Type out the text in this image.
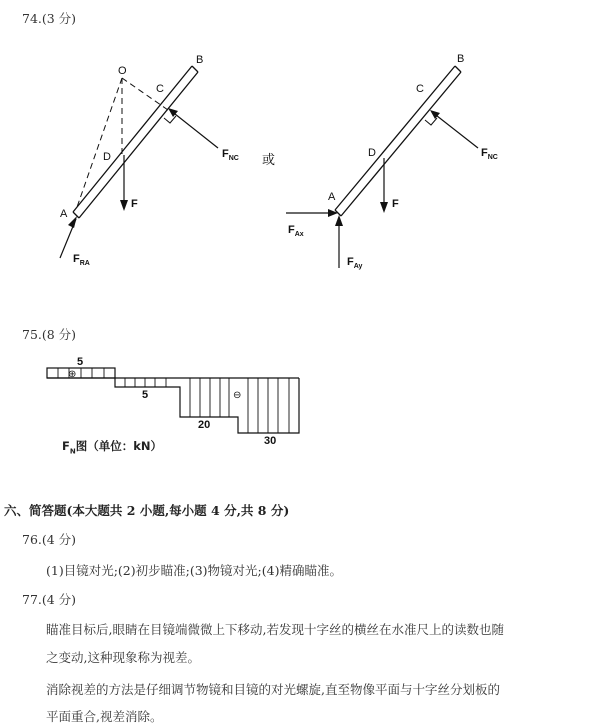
74.(3 分)
O
B
C
D
A
F
$F_{NC}$
$F_{RA}$
或
B
C
D
A
F
$F_{NC}$
$F_{Ax}$
$F_{Ay}$
75.(8 分)
⊕
⊖
5
5
20
30
$F_N$图（单位：kN）
六、简答题(本大题共 2 小题,每小题 4 分,共 8 分)
76.(4 分)
(1)目镜对光;(2)初步瞄准;(3)物镜对光;(4)精确瞄准。
77.(4 分)
瞄准目标后,眼睛在目镜端微微上下移动,若发现十字丝的横丝在水准尺上的读数也随
之变动,这种现象称为视差。
消除视差的方法是仔细调节物镜和目镜的对光螺旋,直至物像平面与十字丝分划板的
平面重合,视差消除。
